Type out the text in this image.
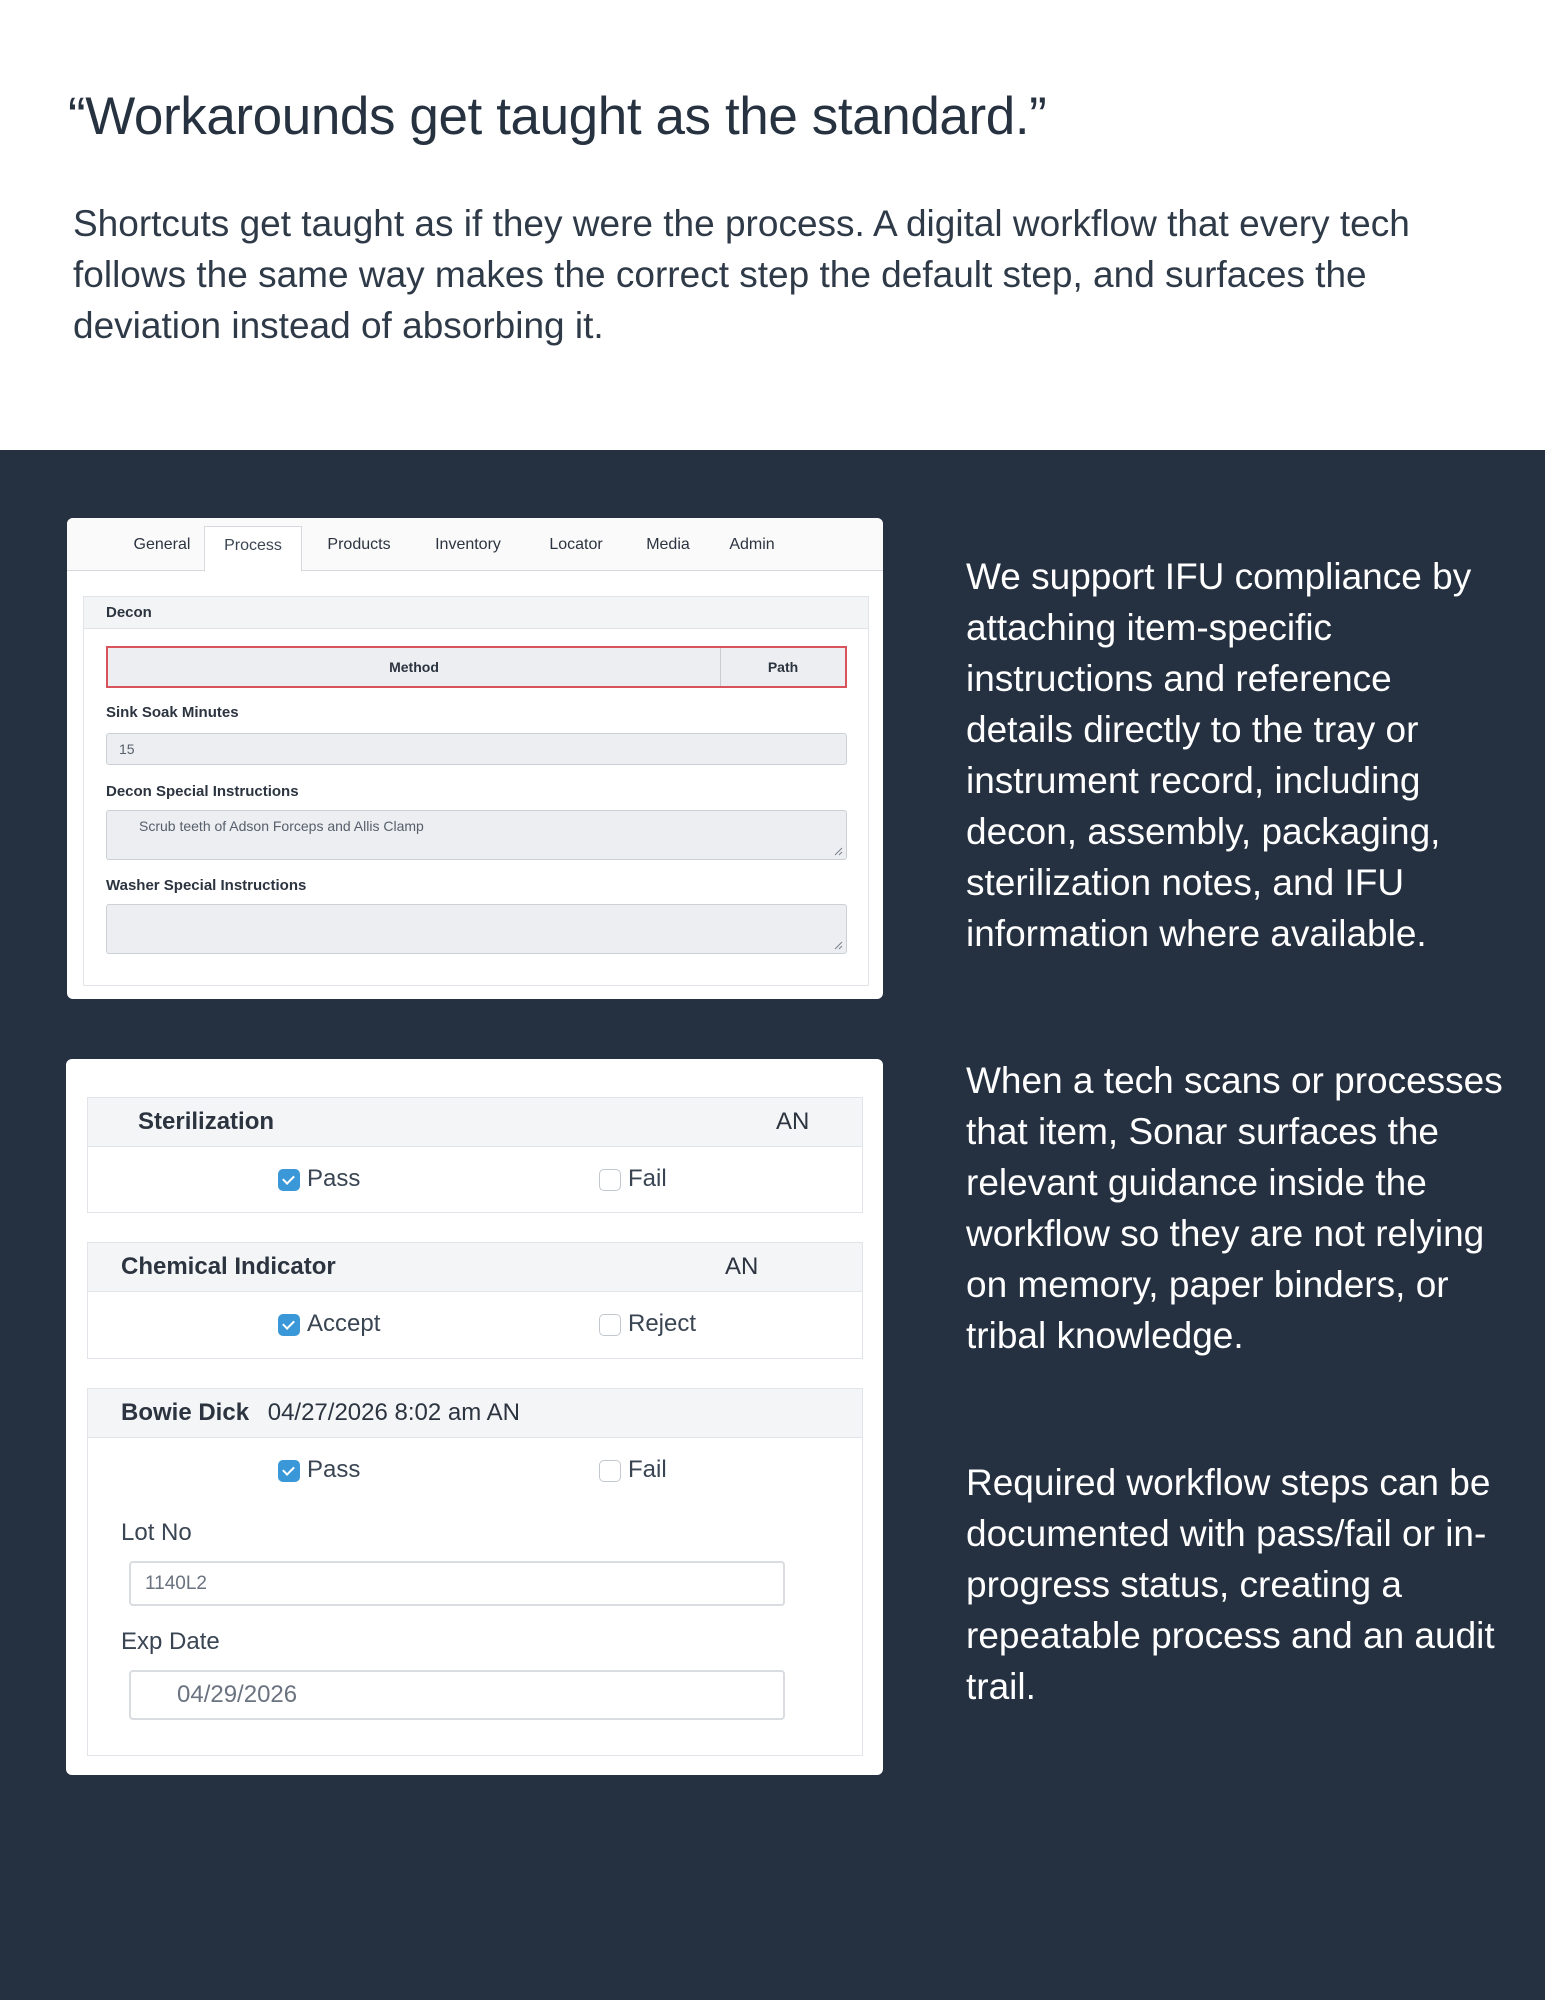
“Workarounds get taught as the standard.”

Shortcuts get taught as if they were the process. A digital workflow that every tech follows the same way makes the correct step the default step, and surfaces the deviation instead of absorbing it.

We support IFU compliance by attaching item-specific instructions and reference details directly to the tray or instrument record, including decon, assembly, packaging, sterilization notes, and IFU information where available.

When a tech scans or processes that item, Sonar surfaces the relevant guidance inside the workflow so they are not relying on memory, paper binders, or tribal knowledge.

Required workflow steps can be documented with pass/fail or in-progress status, creating a repeatable process and an audit trail.

General	Process	Products	Inventory	Locator	Media	Admin
Decon
Method	Path
Sink Soak Minutes
15
Decon Special Instructions
Scrub teeth of Adson Forceps and Allis Clamp
Washer Special Instructions
Sterilization	AN
Pass	Fail
Chemical Indicator	AN
Accept	Reject
Bowie Dick 04/27/2026 8:02 am AN
Pass	Fail
Lot No
1140L2
Exp Date
04/29/2026
